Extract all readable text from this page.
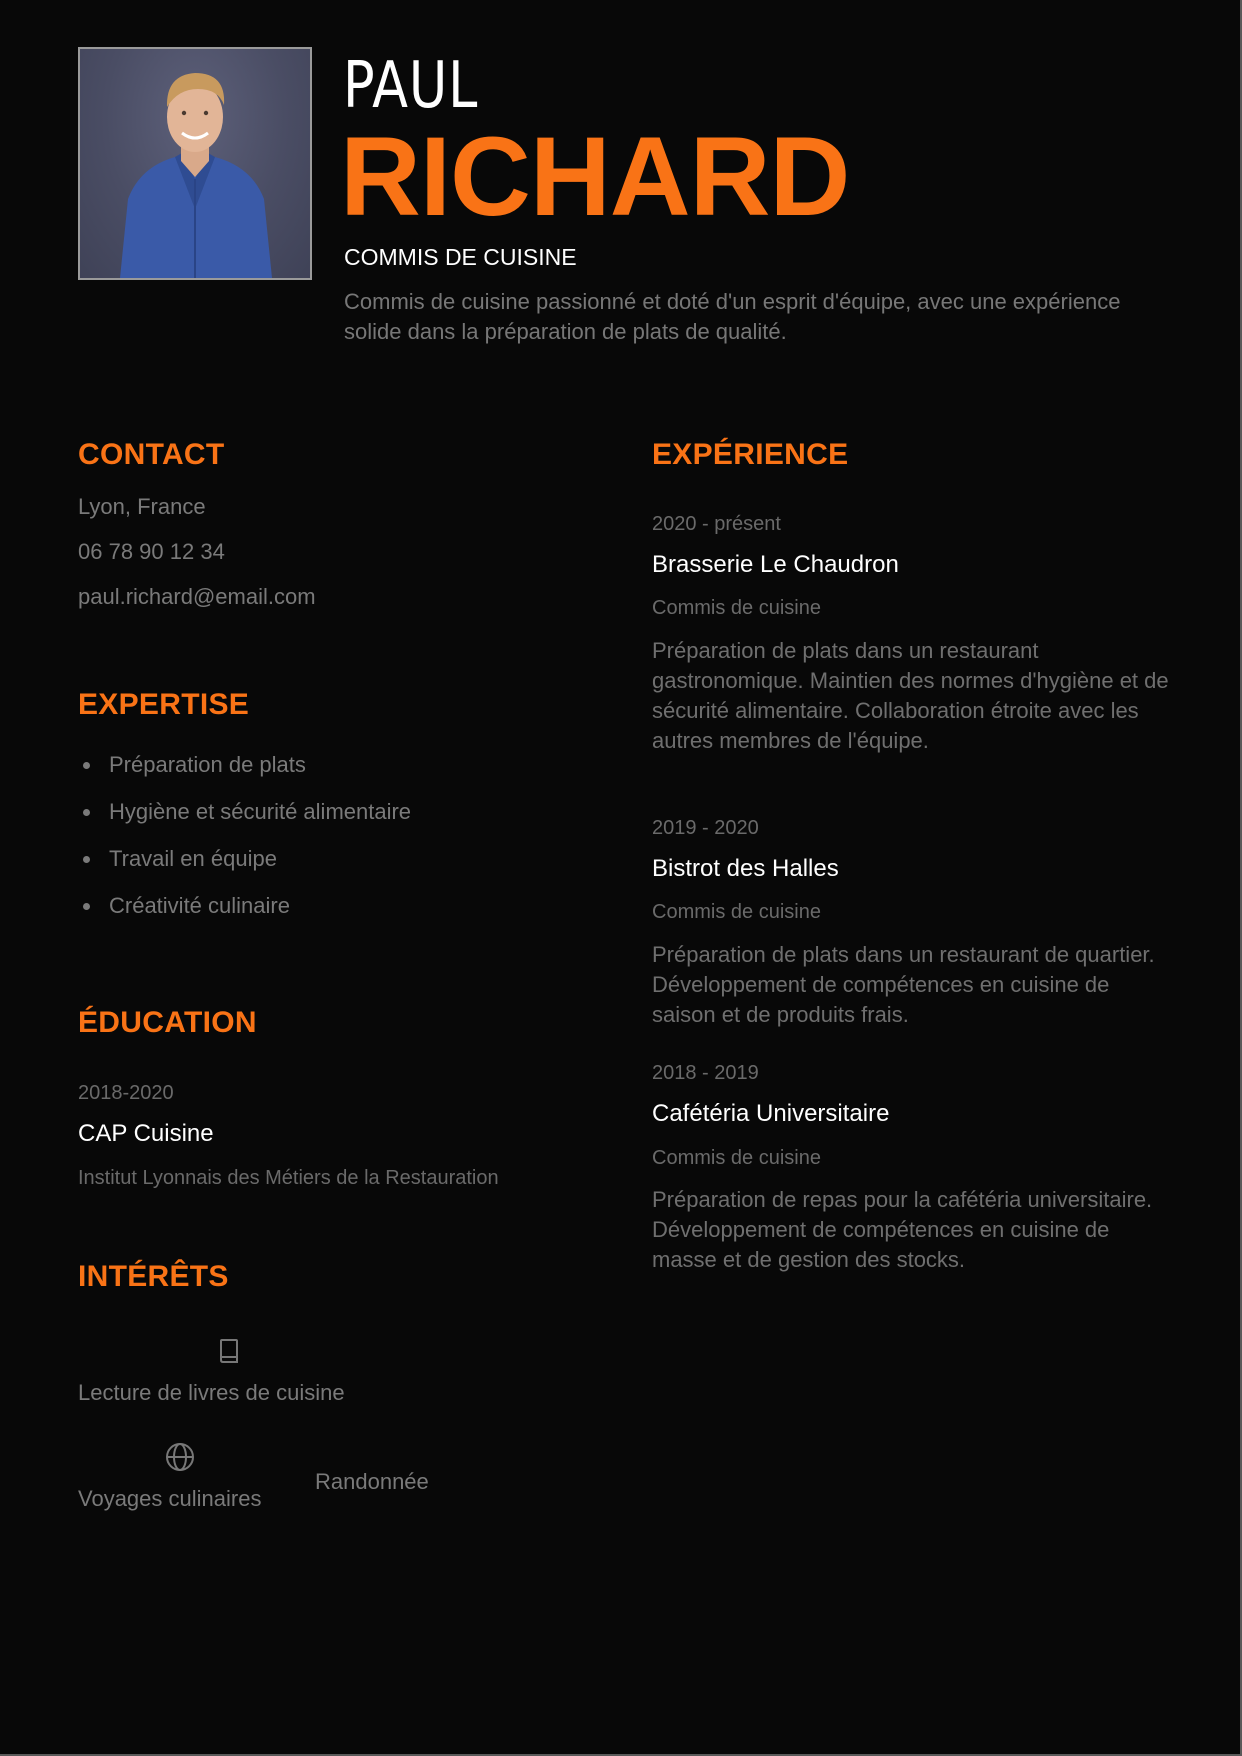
PAUL
RICHARD
COMMIS DE CUISINE
Commis de cuisine passionné et doté d'un esprit d'équipe, avec une expérience solide dans la préparation de plats de qualité.
CONTACT
Lyon, France
06 78 90 12 34
paul.richard@email.com
EXPERTISE
Préparation de plats
Hygiène et sécurité alimentaire
Travail en équipe
Créativité culinaire
ÉDUCATION
2018-2020
CAP Cuisine
Institut Lyonnais des Métiers de la Restauration
INTÉRÊTS
Lecture de livres de cuisine
Voyages culinaires
Randonnée
EXPÉRIENCE
2020 - présent
Brasserie Le Chaudron
Commis de cuisine
Préparation de plats dans un restaurant gastronomique. Maintien des normes d'hygiène et de sécurité alimentaire. Collaboration étroite avec les autres membres de l'équipe.
2019 - 2020
Bistrot des Halles
Commis de cuisine
Préparation de plats dans un restaurant de quartier. Développement de compétences en cuisine de saison et de produits frais.
2018 - 2019
Cafétéria Universitaire
Commis de cuisine
Préparation de repas pour la cafétéria universitaire. Développement de compétences en cuisine de masse et de gestion des stocks.
